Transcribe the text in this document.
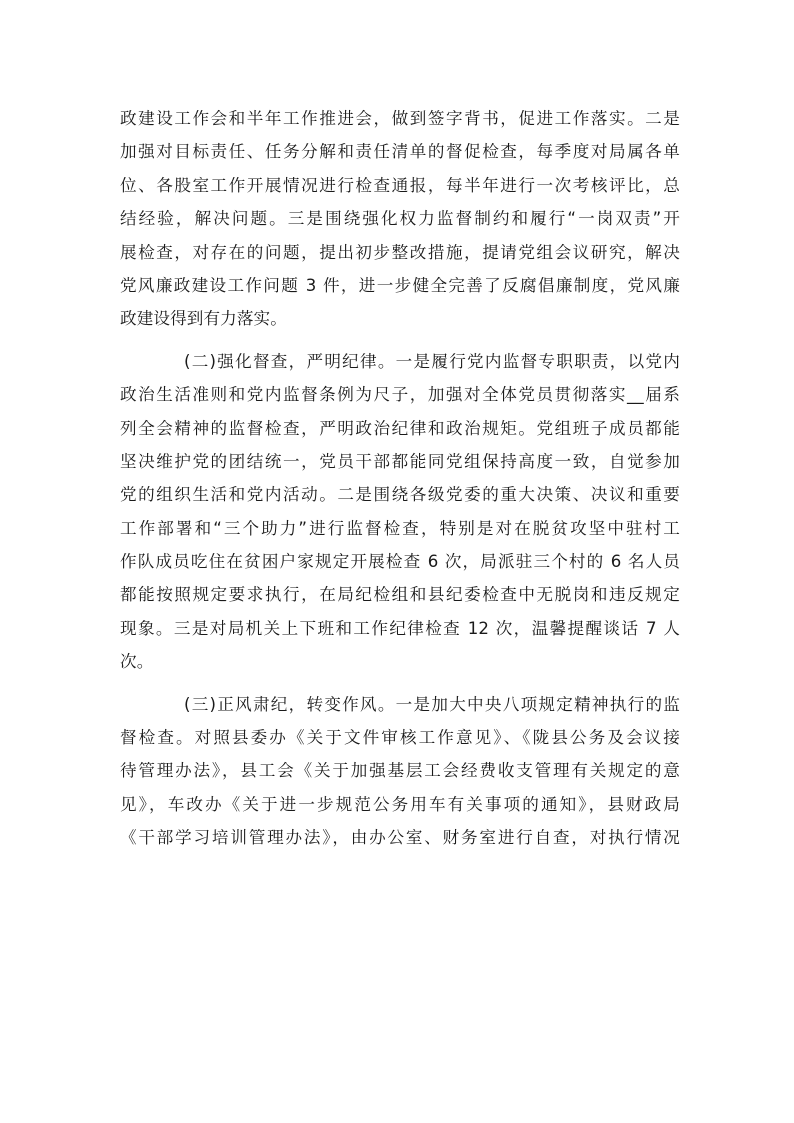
政建设工作会和半年工作推进会，做到签字背书，促进工作落实。二是
加强对目标责任、任务分解和责任清单的督促检查，每季度对局属各单
位、各股室工作开展情况进行检查通报，每半年进行一次考核评比，总
结经验，解决问题。三是围绕强化权力监督制约和履行“一岗双责”开
展检查，对存在的问题，提出初步整改措施，提请党组会议研究，解决
党风廉政建设工作问题 3 件，进一步健全完善了反腐倡廉制度，党风廉
政建设得到有力落实。
(二)强化督查，严明纪律。一是履行党内监督专职职责，以党内
政治生活准则和党内监督条例为尺子，加强对全体党员贯彻落实__届系
列全会精神的监督检查，严明政治纪律和政治规矩。党组班子成员都能
坚决维护党的团结统一，党员干部都能同党组保持高度一致，自觉参加
党的组织生活和党内活动。二是围绕各级党委的重大决策、决议和重要
工作部署和“三个助力”进行监督检查，特别是对在脱贫攻坚中驻村工
作队成员吃住在贫困户家规定开展检查 6 次，局派驻三个村的 6 名人员
都能按照规定要求执行，在局纪检组和县纪委检查中无脱岗和违反规定
现象。三是对局机关上下班和工作纪律检查 12 次，温馨提醒谈话 7 人
次。
(三)正风肃纪，转变作风。一是加大中央八项规定精神执行的监
督检查。对照县委办《关于文件审核工作意见》、《陇县公务及会议接
待管理办法》，县工会《关于加强基层工会经费收支管理有关规定的意
见》，车改办《关于进一步规范公务用车有关事项的通知》，县财政局
《干部学习培训管理办法》，由办公室、财务室进行自查，对执行情况
